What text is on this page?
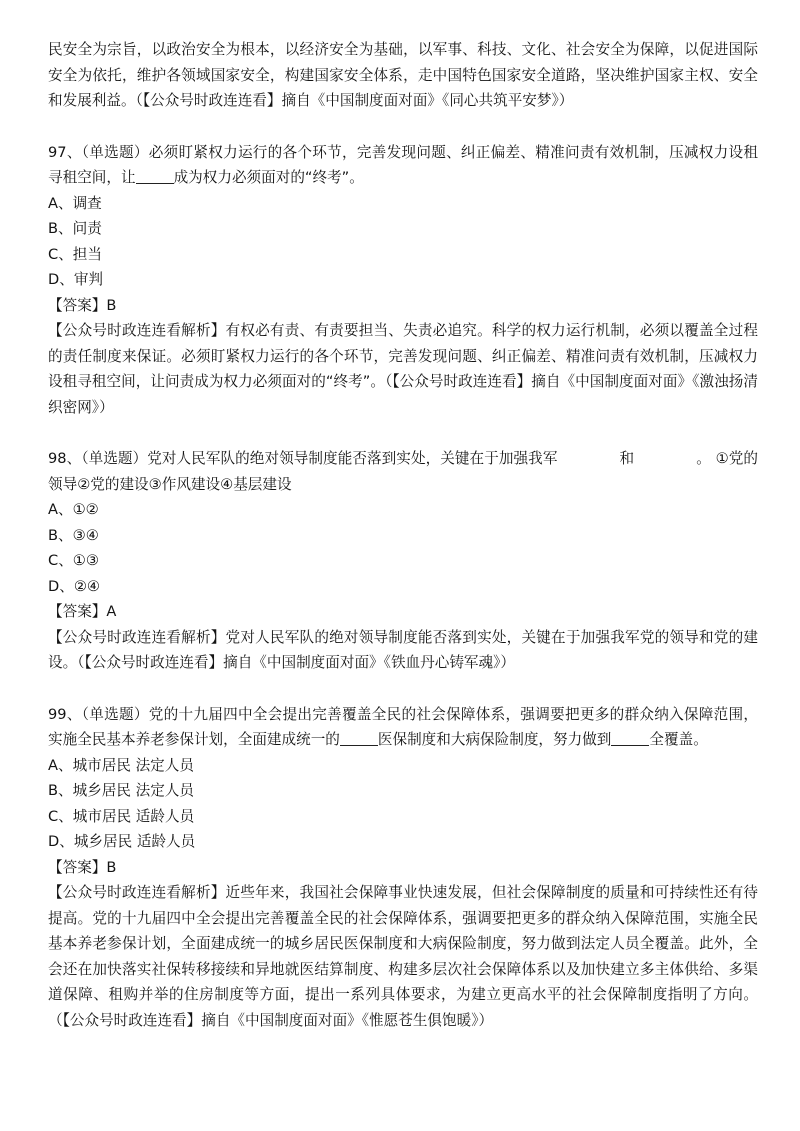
民安全为宗旨，以政治安全为根本，以经济安全为基础，以军事、科技、文化、社会安全为保障，以促进国际安全为依托，维护各领域国家安全，构建国家安全体系，走中国特色国家安全道路，坚决维护国家主权、安全和发展利益。（【公众号时政连连看】摘自《中国制度面对面》《同心共筑平安梦》）

97、（单选题）必须盯紧权力运行的各个环节，完善发现问题、纠正偏差、精准问责有效机制，压减权力设租寻租空间，让	成为权力必须面对的“终考”。

A、调查

B、问责

C、担当

D、审判

【答案】B

【公众号时政连连看解析】有权必有责、有责要担当、失责必追究。科学的权力运行机制，必须以覆盖全过程的责任制度来保证。必须盯紧权力运行的各个环节，完善发现问题、纠正偏差、精准问责有效机制，压减权力设租寻租空间，让问责成为权力必须面对的“终考”。（【公众号时政连连看】摘自《中国制度面对面》《激浊扬清织密网》）

98、（单选题）党对人民军队的绝对领导制度能否落到实处，关键在于加强我军	和	。 ①党的领导②党的建设③作风建设④基层建设

A、①②

B、③④

C、①③

D、②④

【答案】A

【公众号时政连连看解析】党对人民军队的绝对领导制度能否落到实处，关键在于加强我军党的领导和党的建设。（【公众号时政连连看】摘自《中国制度面对面》《铁血丹心铸军魂》）

99、（单选题）党的十九届四中全会提出完善覆盖全民的社会保障体系，强调要把更多的群众纳入保障范围，实施全民基本养老参保计划，全面建成统一的	医保制度和大病保险制度，努力做到	全覆盖。

A、城市居民 法定人员

B、城乡居民 法定人员

C、城市居民 适龄人员

D、城乡居民 适龄人员

【答案】B

【公众号时政连连看解析】近些年来，我国社会保障事业快速发展，但社会保障制度的质量和可持续性还有待提高。党的十九届四中全会提出完善覆盖全民的社会保障体系，强调要把更多的群众纳入保障范围，实施全民基本养老参保计划，全面建成统一的城乡居民医保制度和大病保险制度，努力做到法定人员全覆盖。此外，全会还在加快落实社保转移接续和异地就医结算制度、构建多层次社会保障体系以及加快建立多主体供给、多渠道保障、租购并举的住房制度等方面，提出一系列具体要求，为建立更高水平的社会保障制度指明了方向。（【公众号时政连连看】摘自《中国制度面对面》《惟愿苍生俱饱暖》）
